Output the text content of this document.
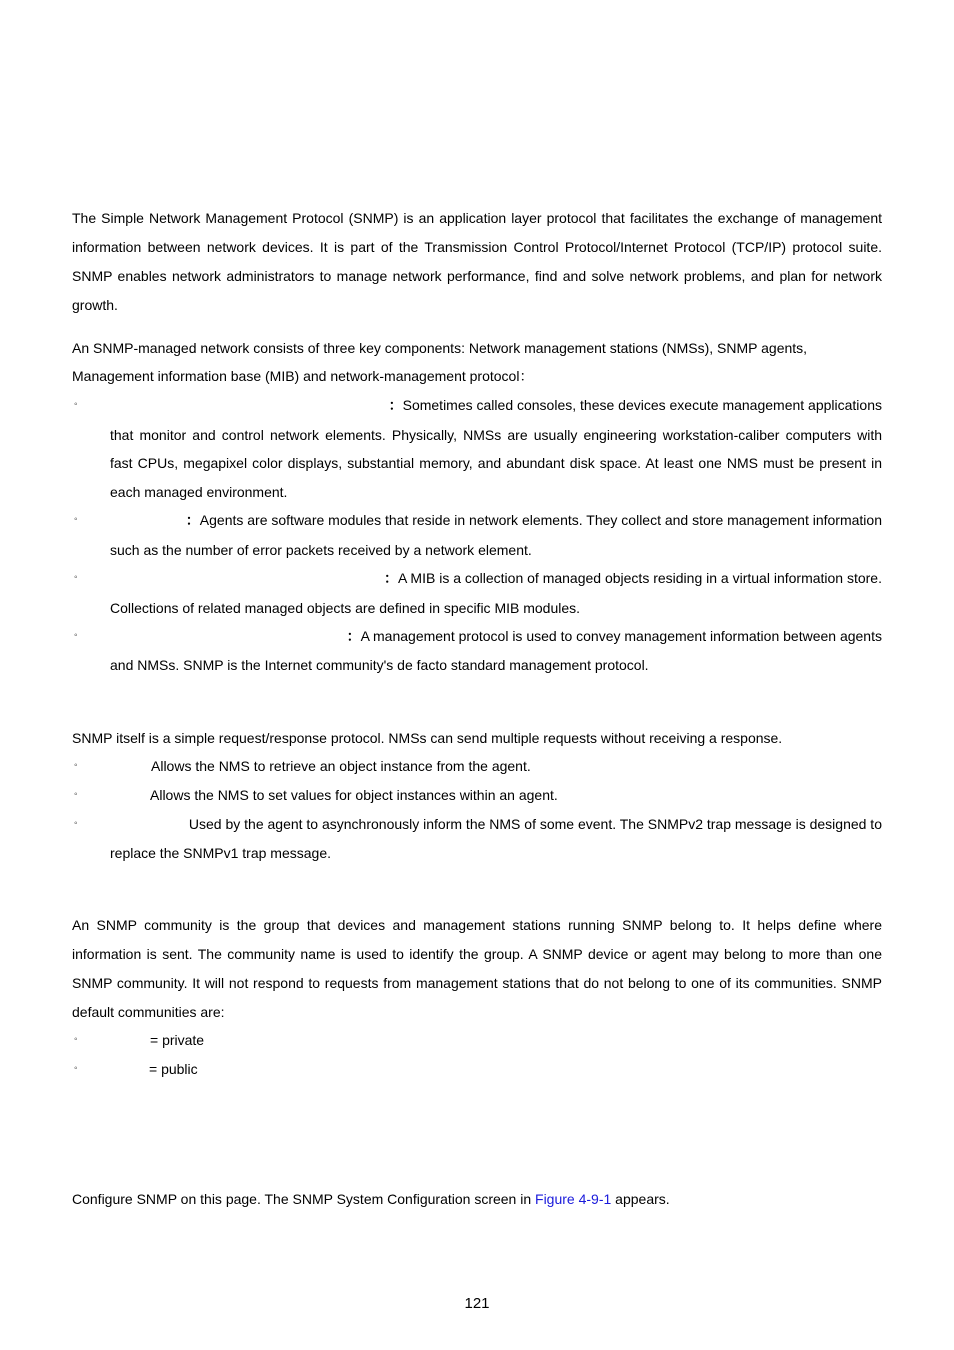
The Simple Network Management Protocol (SNMP) is an application layer protocol that facilitates the exchange of management
information between network devices. It is part of the Transmission Control Protocol/Internet Protocol (TCP/IP) protocol suite.
SNMP enables network administrators to manage network performance, find and solve network problems, and plan for network
growth.
An SNMP-managed network consists of three key components: Network management stations (NMSs), SNMP agents,
Management information base (MIB) and network-management protocol：
◦	：Sometimes called consoles, these devices execute management applications
that monitor and control network elements. Physically, NMSs are usually engineering workstation-caliber computers with
fast CPUs, megapixel color displays, substantial memory, and abundant disk space. At least one NMS must be present in
each managed environment.
◦	：Agents are software modules that reside in network elements. They collect and store management information
such as the number of error packets received by a network element.
◦	：A MIB is a collection of managed objects residing in a virtual information store.
Collections of related managed objects are defined in specific MIB modules.
◦	：A management protocol is used to convey management information between agents
and NMSs. SNMP is the Internet community's de facto standard management protocol.
SNMP itself is a simple request/response protocol. NMSs can send multiple requests without receiving a response.
◦	Allows the NMS to retrieve an object instance from the agent.
◦	Allows the NMS to set values for object instances within an agent.
◦	Used by the agent to asynchronously inform the NMS of some event. The SNMPv2 trap message is designed to
replace the SNMPv1 trap message.
An SNMP community is the group that devices and management stations running SNMP belong to. It helps define where
information is sent. The community name is used to identify the group. A SNMP device or agent may belong to more than one
SNMP community. It will not respond to requests from management stations that do not belong to one of its communities. SNMP
default communities are:
◦	= private
◦	= public
Configure SNMP on this page. The SNMP System Configuration screen in Figure 4-9-1 appears.
121
